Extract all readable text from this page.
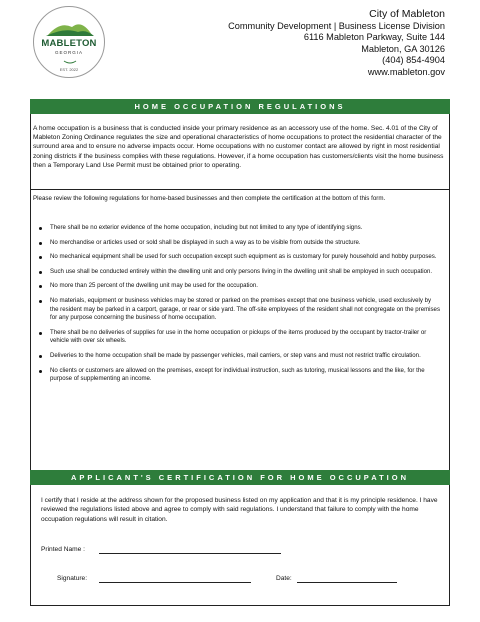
MABLETON
GEORGIA
EST. 2022
City of Mableton
Community Development | Business License Division
6116 Mableton Parkway, Suite 144
Mableton, GA 30126
(404) 854-4904
www.mableton.gov
HOME OCCUPATION REGULATIONS
A home occupation is a business that is conducted inside your primary residence as an accessory use of the home. Sec. 4.01 of the City of Mableton Zoning Ordinance regulates the size and operational characteristics of home occupations to protect the residential character of the surround area and to ensure no adverse impacts occur. Home occupations with no customer contact are allowed by right in most residential zoning districts if the business complies with these regulations. However, if a home occupation has customers/clients visit the home business then a Temporary Land Use Permit must be obtained prior to operating.
Please review the following regulations for home-based businesses and then complete the certification at the bottom of this form.
There shall be no exterior evidence of the home occupation, including but not limited to any type of identifying signs.
No merchandise or articles used or sold shall be displayed in such a way as to be visible from outside the structure.
No mechanical equipment shall be used for such occupation except such equipment as is customary for purely household and hobby purposes.
Such use shall be conducted entirely within the dwelling unit and only persons living in the dwelling unit shall be employed in such occupation.
No more than 25 percent of the dwelling unit may be used for the occupation.
No materials, equipment or business vehicles may be stored or parked on the premises except that one business vehicle, used exclusively by the resident may be parked in a carport, garage, or rear or side yard. The off-site employees of the resident shall not congregate on the premises for any purpose concerning the business of home occupation.
There shall be no deliveries of supplies for use in the home occupation or pickups of the items produced by the occupant by tractor-trailer or vehicle with over six wheels.
Deliveries to the home occupation shall be made by passenger vehicles, mail carriers, or step vans and must not restrict traffic circulation.
No clients or customers are allowed on the premises, except for individual instruction, such as tutoring, musical lessons and the like, for the purpose of supplementing an income.
APPLICANT'S CERTIFICATION FOR HOME OCCUPATION
I certify that I reside at the address shown for the proposed business listed on my application and that it is my principle residence. I have reviewed the regulations listed above and agree to comply with said regulations. I understand that failure to comply with the home occupation regulations will result in citation.
Printed Name :
Signature:	Date:
